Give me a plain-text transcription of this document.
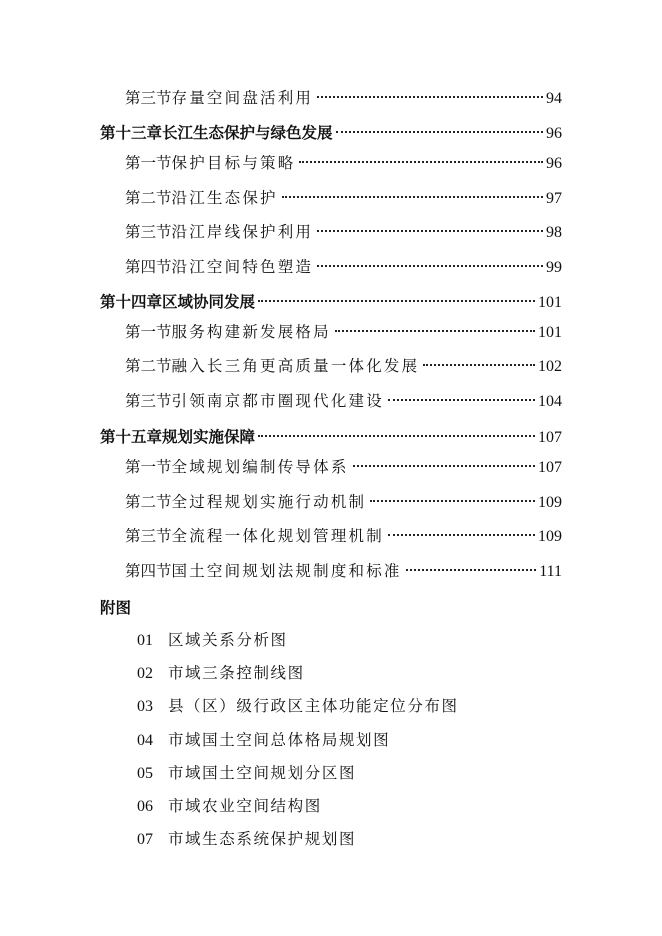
第三节 存量空间盘活利用	94
第十三章 长江生态保护与绿色发展	96
第一节 保护目标与策略	96
第二节 沿江生态保护	97
第三节 沿江岸线保护利用	98
第四节 沿江空间特色塑造	99
第十四章 区域协同发展	101
第一节 服务构建新发展格局	101
第二节 融入长三角更高质量一体化发展	102
第三节 引领南京都市圈现代化建设	104
第十五章 规划实施保障	107
第一节 全域规划编制传导体系	107
第二节 全过程规划实施行动机制	109
第三节 全流程一体化规划管理机制	109
第四节 国土空间规划法规制度和标准	111
附图
01 区域关系分析图
02 市域三条控制线图
03 县（区）级行政区主体功能定位分布图
04 市域国土空间总体格局规划图
05 市域国土空间规划分区图
06 市域农业空间结构图
07 市域生态系统保护规划图
